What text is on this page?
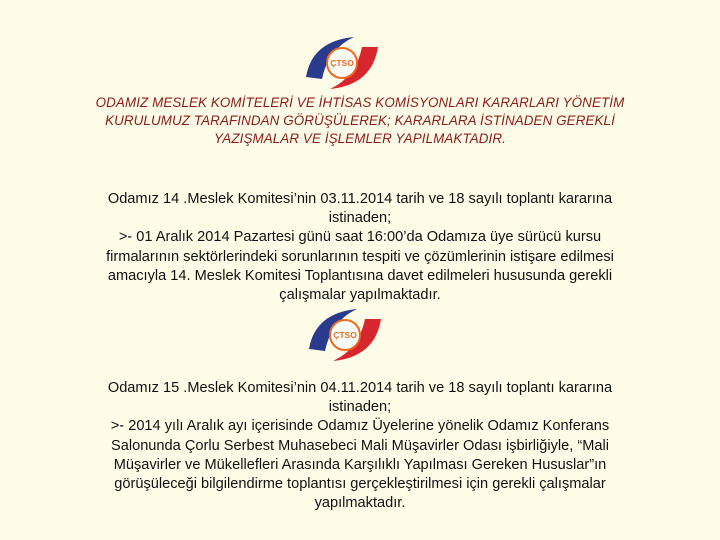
ÇTSO
·····
ODAMIZ MESLEK KOMİTELERİ VE İHTİSAS KOMİSYONLARI KARARLARI YÖNETİM
KURULUMUZ TARAFINDAN GÖRÜŞÜLEREK; KARARLARA İSTİNADEN GEREKLİ
YAZIŞMALAR VE İŞLEMLER YAPILMAKTADIR.
Odamız 14 .Meslek Komitesi’nin 03.11.2014 tarih ve 18 sayılı toplantı kararına
istinaden;
>- 01 Aralık 2014 Pazartesi günü saat 16:00’da Odamıza üye sürücü kursu
firmalarının sektörlerindeki sorunlarının tespiti ve çözümlerinin istişare edilmesi
amacıyla 14. Meslek Komitesi Toplantısına davet edilmeleri hususunda gerekli
çalışmalar yapılmaktadır.
ÇTSO
·····
Odamız 15 .Meslek Komitesi’nin 04.11.2014 tarih ve 18 sayılı toplantı kararına
istinaden;
>- 2014 yılı Aralık ayı içerisinde Odamız Üyelerine yönelik Odamız Konferans
Salonunda Çorlu Serbest Muhasebeci Mali Müşavirler Odası işbirliğiyle, “Mali
Müşavirler ve Mükellefleri Arasında Karşılıklı Yapılması Gereken Hususlar”ın
görüşüleceği bilgilendirme toplantısı gerçekleştirilmesi için gerekli çalışmalar
yapılmaktadır.
